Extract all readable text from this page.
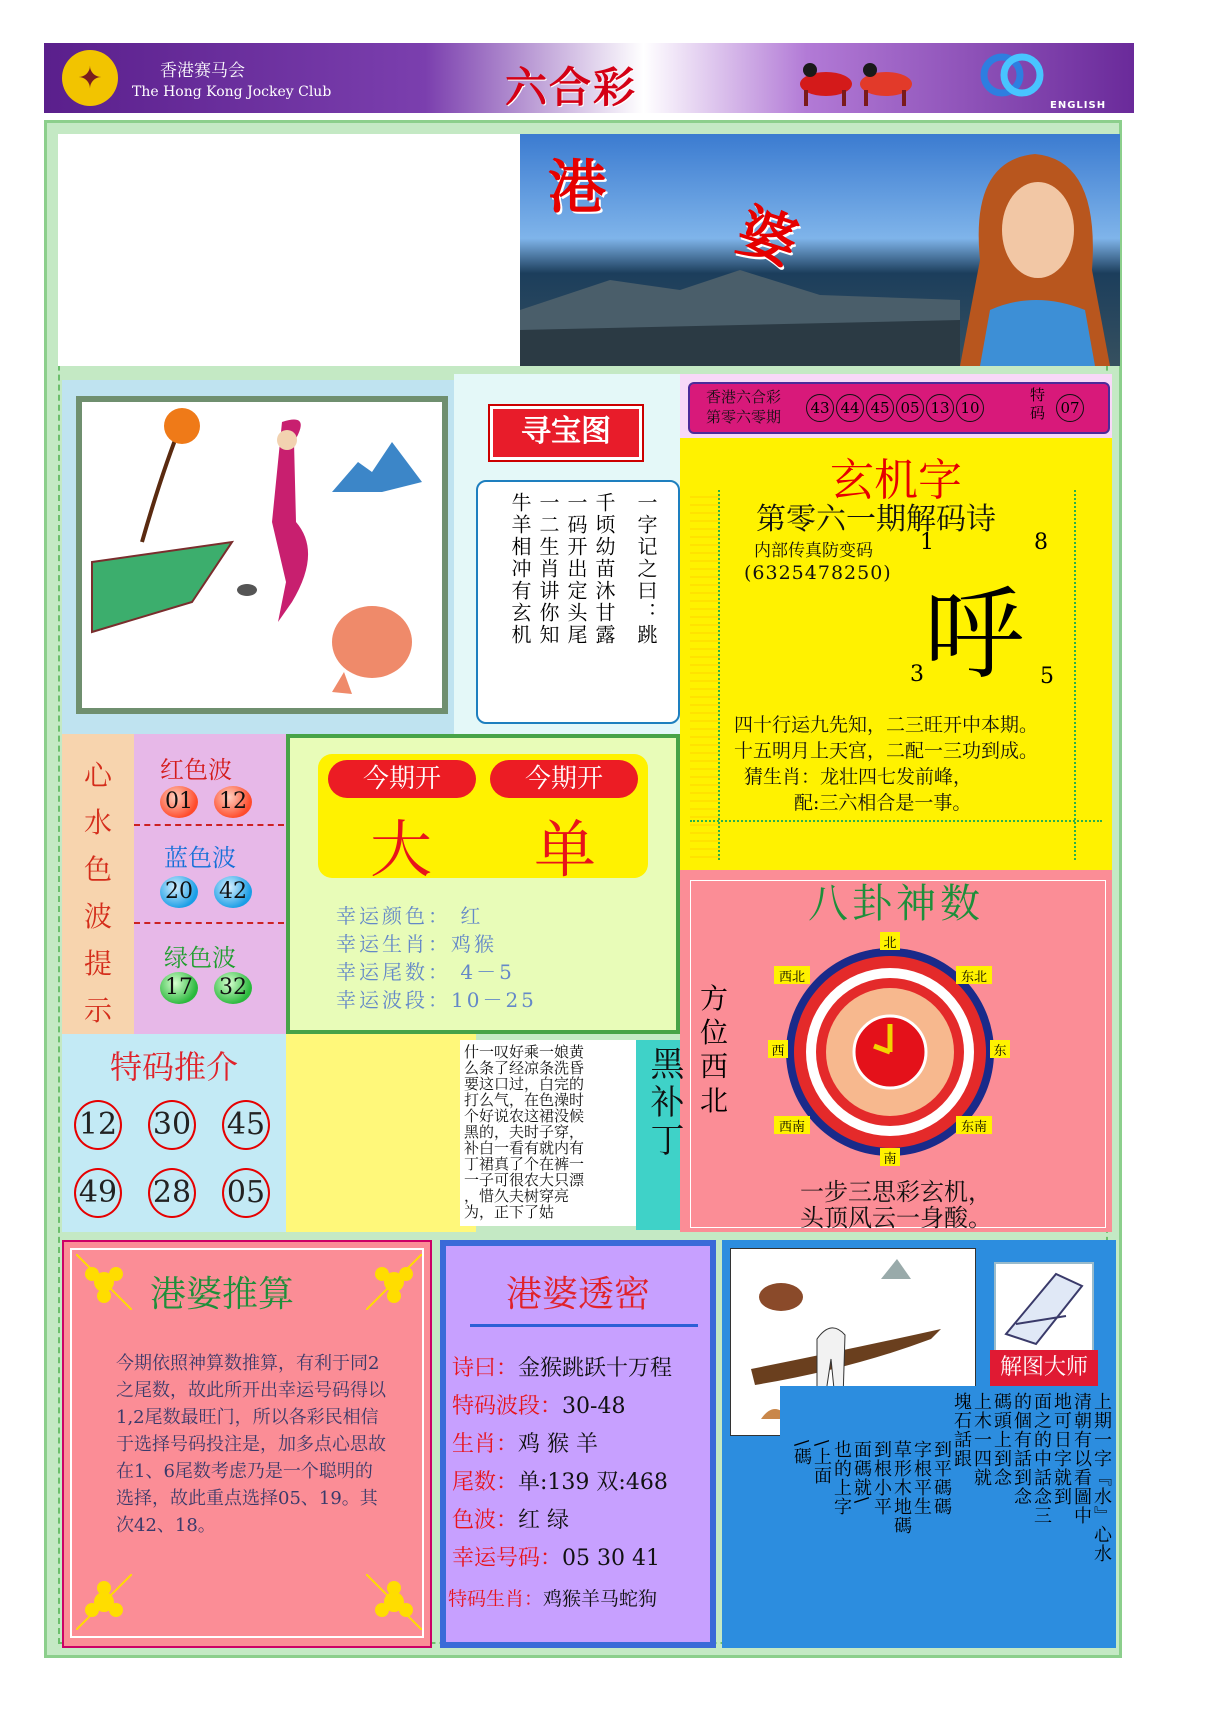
✦	香港赛马会
The Hong Kong Jockey Club	六合彩	ENGLISH
港
婆
寻宝图
一字记之曰：跳
千顷幼苗沐甘露
一码开出定头尾
一二生肖讲你知
牛羊相冲有玄机
香港六合彩
第零六零期 43 44 45 05 13 10
特码	07
玄机字
第零六一期解码诗
内部传真防变码
(6325478250)
1	8
3	5
呼
四十行运九先知，二三旺开中本期。
十五明月上天宫，二配一三功到成。
猜生肖：龙壮四七发前峰，
配:三六相合是一事。
心
水
色
波
提
示
红色波
01 12
蓝色波
20 42
绿色波
17 32
今期开	今期开
大 单
幸运颜色： 红
幸运生肖：鸡猴
幸运尾数： 4－5
幸运波段：10－25
八卦神数
方
位
西
北
北
南
东
西
东北
西北
东南
西南
一步三思彩玄机，
头顶风云一身酸。
特码推介
12 30 45
49 28 05
什一叹好乘一娘黄
么条了经凉条洗昏
要这口过，白完的
打么气，在色澡时
个好说农这裙没候
黑的，夫时子穿，
补白一看有就内有
丁裙真了个在裤一
一子可很农大只漂
，惜久夫树穿亮
为，正下了姑
黑补丁
港婆推算
今期依照神算数推算，有利于同2之尾数，故此所开出幸运号码得以1,2尾数最旺门，所以各彩民相信于选择号码投注是，加多点心思故在1、6尾数考虑乃是一个聪明的选择，故此重点选择05、19。其次42、18。
港婆透密
诗曰：金猴跳跃十万程
特码波段：30-48
生肖：鸡 猴 羊
尾数：单:139 双:468
色波：红 绿
幸运号码：05 30 41
特码生肖：鸡猴羊马蛇狗
解图大师
上期一字『水』心水
清朝有以看圖中
地可日字就到
面之的中話念三
的個有話到念
碼頭上到念
上木一四就
塊石話跟
到平碼碼
字根平生
草形木地碼
到根小平
面碼就\
也的上字
\上面
\碼
